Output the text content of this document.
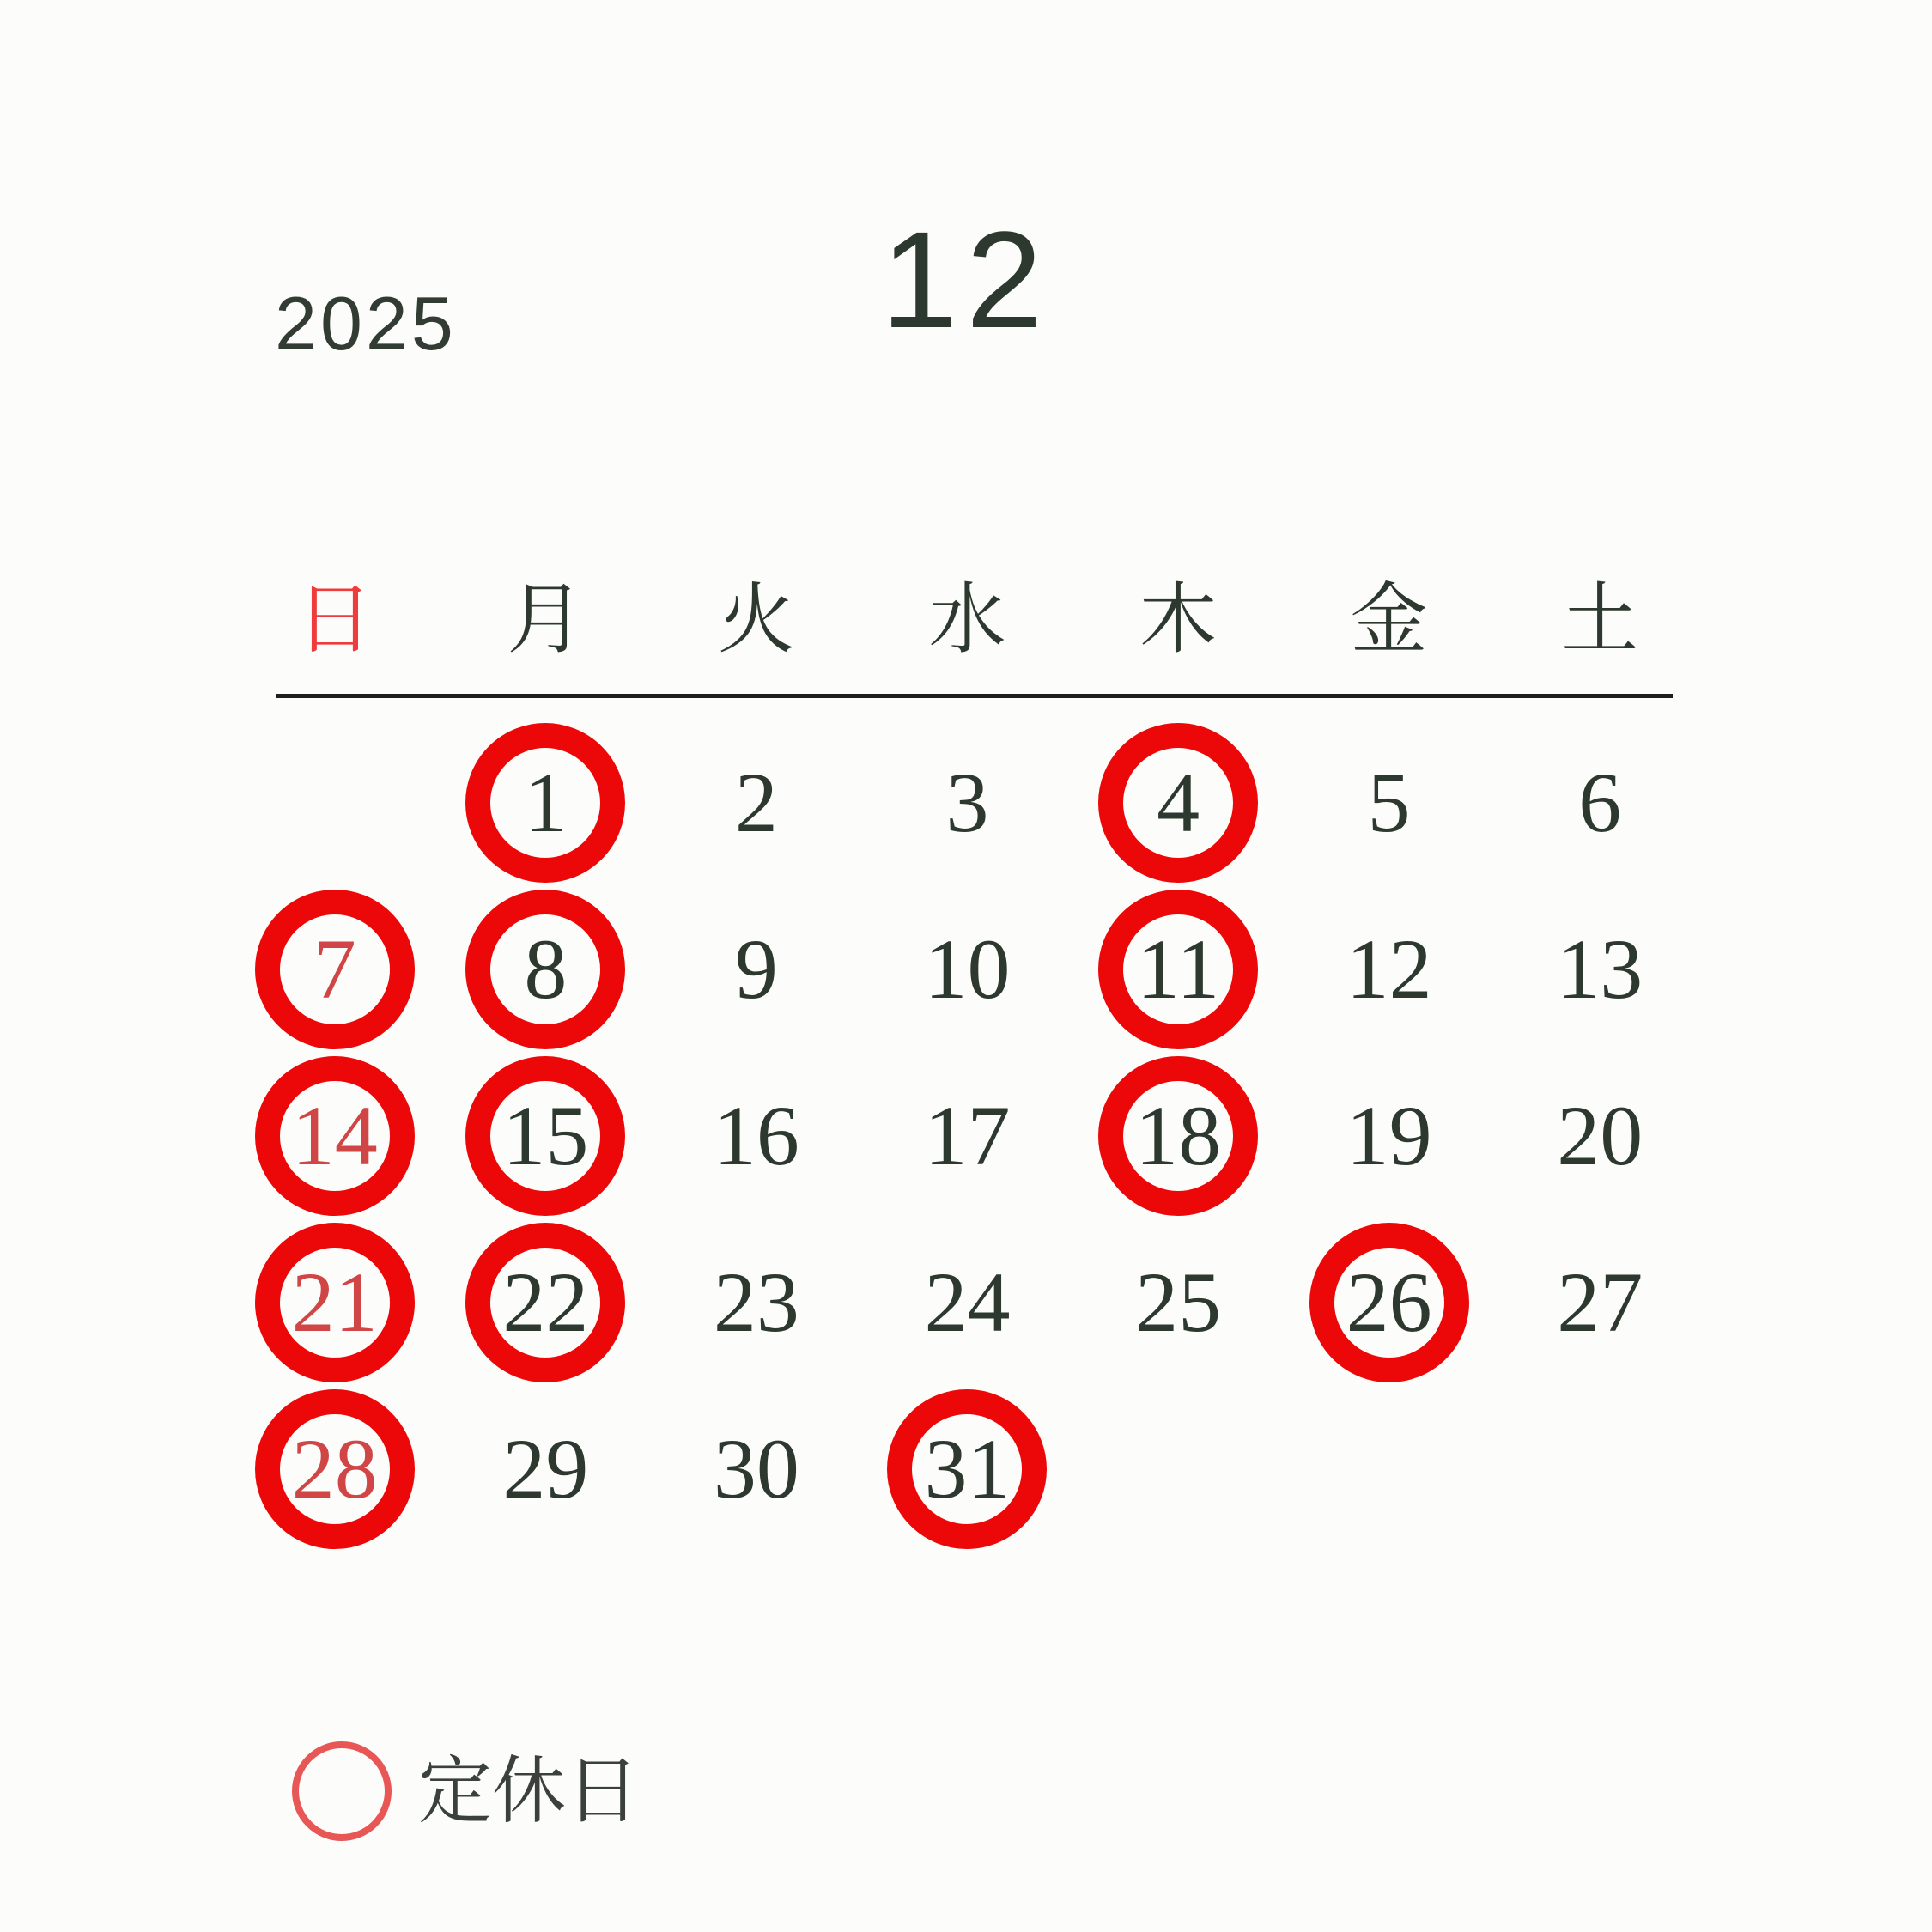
2025	12
日 月 火 水 木 金 土
1 2 3 4 5 6
7 8 9 10 11 12 13
14 15 16 17 18 19 20
21 22 23 24 25 26 27
28 29 30 31
定休日
